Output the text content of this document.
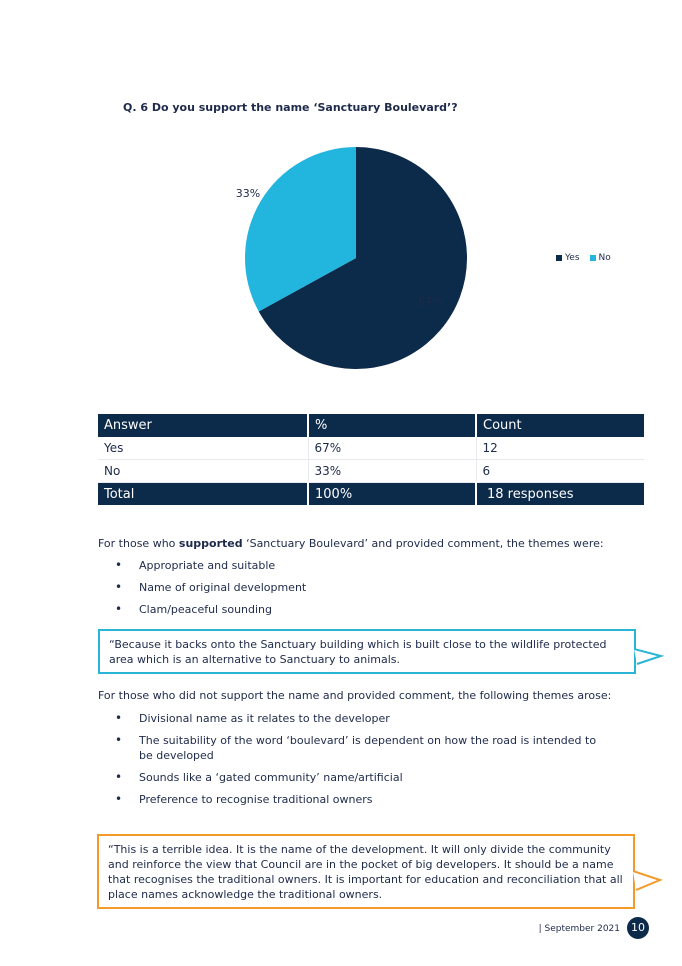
Q. 6 Do you support the name ‘Sanctuary Boulevard’?
67%
33%
Yes No
Answer	%	Count
Yes	67%	12
No	33%	6
Total	100%	18 responses
For those who supported ‘Sanctuary Boulevard’ and provided comment, the themes were:
• Appropriate and suitable
• Name of original development
• Clam/peaceful sounding
“Because it backs onto the Sanctuary building which is built close to the wildlife protected area which is an alternative to Sanctuary to animals.
For those who did not support the name and provided comment, the following themes arose:
• Divisional name as it relates to the developer
• The suitability of the word ‘boulevard’ is dependent on how the road is intended to be developed
• Sounds like a ‘gated community’ name/artificial
• Preference to recognise traditional owners
“This is a terrible idea. It is the name of the development. It will only divide the community and reinforce the view that Council are in the pocket of big developers. It should be a name that recognises the traditional owners. It is important for education and reconciliation that all place names acknowledge the traditional owners.
| September 2021	10
